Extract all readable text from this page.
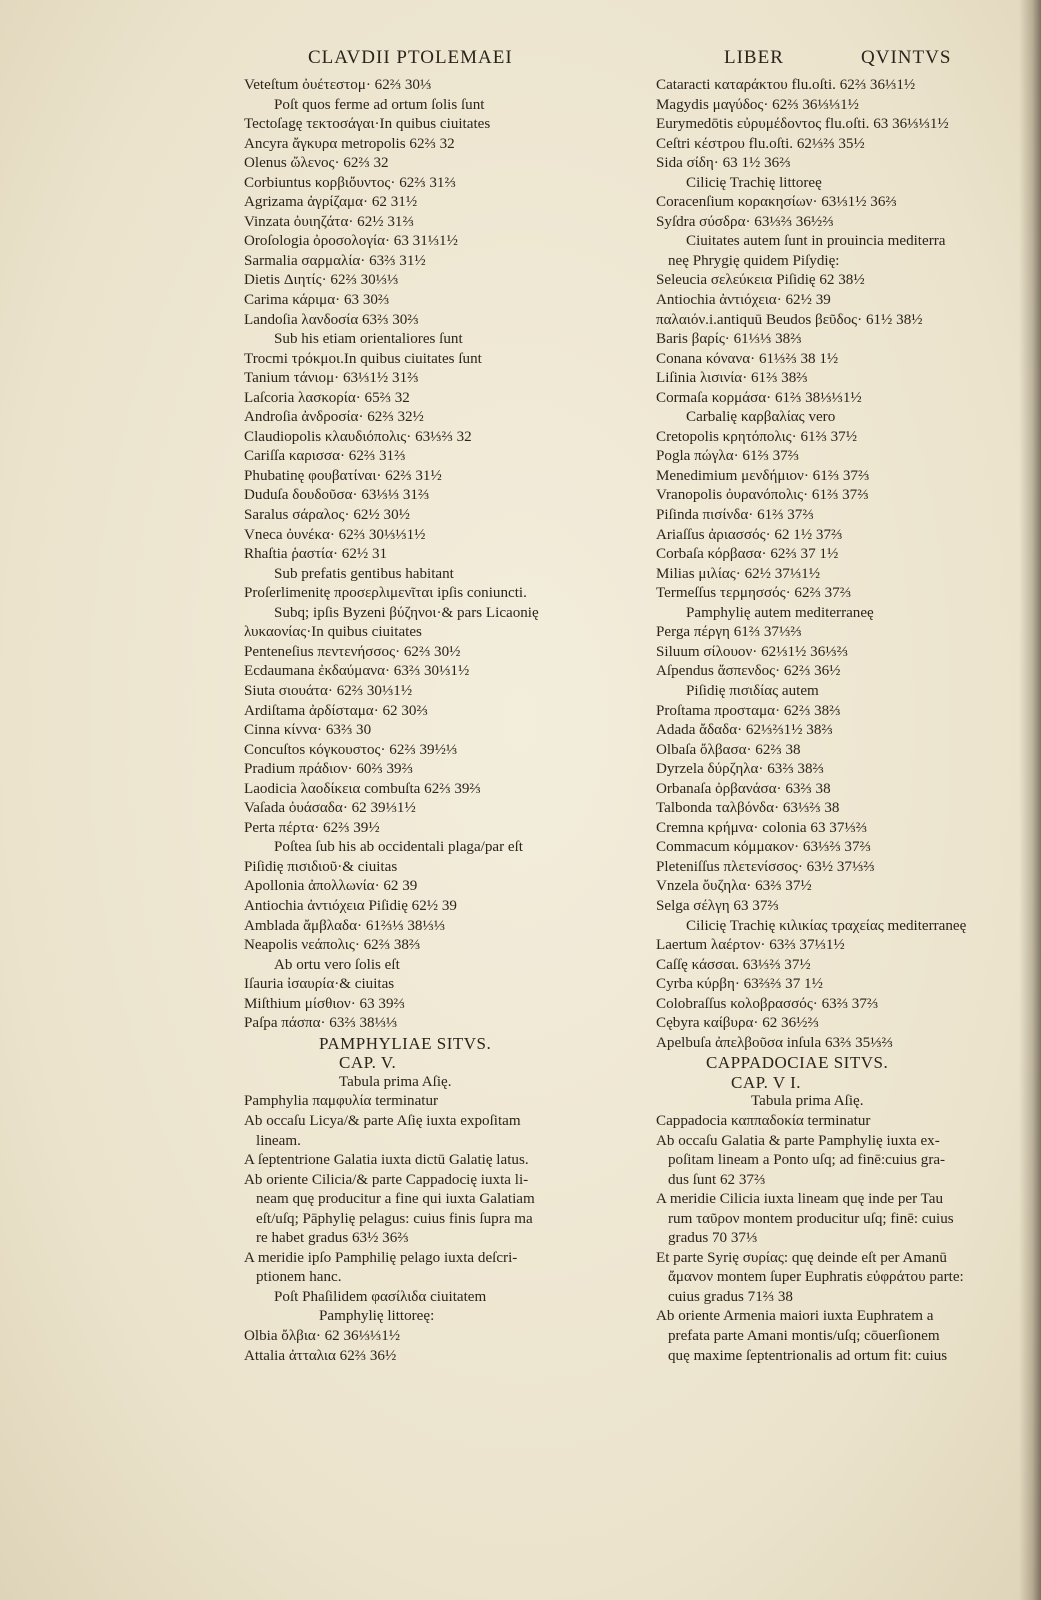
CLAVDII PTOLEMAEI	LIBER	QVINTVS
Veteſtum ὀυέτεστομ· 62⅔ 30⅓
Poſt quos ferme ad ortum ſolis ſunt
Tectoſagę τεκτοσάγαι·In quibus ciuitates
Ancyra ἄγκυρα metropolis 62⅔ 32
Olenus ὤλενος· 62⅔ 32
Corbiuntus κορβιὄυντος· 62⅔ 31⅔
Agrizama ἀγρίζαμα· 62 31½
Vinzata ὀυιηζάτα· 62½ 31⅔
Oroſologia ὀροσολογία· 63 31⅓1½
Sarmalia σαρμαλία· 63⅔ 31½
Dietis Διητίς· 62⅔ 30⅓⅓
Carima κάριμα· 63 30⅔
Landoſia λανδοσία 63⅔ 30⅔
Sub his etiam orientaliores ſunt
Trocmi τρόκμοι.In quibus ciuitates ſunt
Tanium τάνιομ· 63⅓1½ 31⅔
Laſcoria λασκορία· 65⅔ 32
Androſia ἀνδροσία· 62⅔ 32½
Claudiopolis κλαυδιόπολις· 63⅓⅔ 32
Cariſſa καρισσα· 62⅔ 31⅔
Phubatinę φουβατίναι· 62⅔ 31½
Duduſa δουδοῦσα· 63⅓⅓ 31⅔
Saralus σάραλος· 62½ 30½
Vneca ὀυνέκα· 62⅔ 30⅓⅓1½
Rhaſtia ῥαστία· 62½ 31
Sub prefatis gentibus habitant
Proſerlimenitę προσερλιμενῖται ipſis coniuncti.
Subq; ipſis Byzeni βύζηνοι·& pars Licaonię
λυκαονίας·In quibus ciuitates
Penteneſius πεντενήσσος· 62⅔ 30½
Ecdaumana ἐκδαύμανα· 63⅔ 30⅓1½
Siuta σιουάτα· 62⅔ 30⅓1½
Ardiſtama ἀρδίσταμα· 62 30⅔
Cinna κίννα· 63⅔ 30
Concuſtos κόγκουστος· 62⅔ 39½⅓
Pradium πράδιον· 60⅔ 39⅔
Laodicia λαοδίκεια combuſta 62⅔ 39⅔
Vaſada ὀυάσαδα· 62 39⅓1½
Perta πέρτα· 62⅔ 39½
Poſtea ſub his ab occidentali plaga/par eſt
Piſidię πισιδιοῦ·& ciuitas
Apollonia ἀπολλωνία· 62 39
Antiochia ἀντιόχεια Piſidię 62½ 39
Amblada ἄμβλαδα· 61⅔⅓ 38⅓⅓
Neapolis νεάπολις· 62⅔ 38⅔
Ab ortu vero ſolis eſt
Iſauria ἰσαυρία·& ciuitas
Miſthium μίσθιον· 63 39⅔
Paſpa πάσπα· 63⅔ 38⅓⅓
PAMPHYLIAE SITVS.
CAP. V.
Tabula prima Aſię.
Pamphylia παμφυλία terminatur
Ab occaſu Licya/& parte Aſię iuxta expoſitam
lineam.
A ſeptentrione Galatia iuxta dictū Galatię latus.
Ab oriente Cilicia/& parte Cappadocię iuxta li-
neam quę producitur a fine qui iuxta Galatiam
eſt/uſq; Pāphylię pelagus: cuius finis ſupra ma
re habet gradus 63½ 36⅔
A meridie ipſo Pamphilię pelago iuxta deſcri-
ptionem hanc.
Poſt Phaſilidem φασίλιδα ciuitatem
Pamphylię littoreę:
Olbia ὄλβια· 62 36⅓⅓1½
Attalia ἀτταλια 62⅔ 36½
Cataracti καταράκτου flu.oſti. 62⅔ 36⅓1½
Magydis μαγύδος· 62⅔ 36⅓⅓1½
Eurymedōtis εὐρυμέδοντος flu.oſti. 63 36⅓⅓1½
Ceſtri κέστρου flu.oſti. 62⅓⅔ 35½
Sida σίδη· 63 1½ 36⅔
Cilicię Trachię littoreę
Coracenſium κορακησίων· 63⅓1½ 36⅔
Syſdra σύσδρα· 63⅓⅔ 36½⅔
Ciuitates autem ſunt in prouincia mediterra
neę Phrygię quidem Piſydię:
Seleucia σελεύκεια Piſidię 62 38½
Antiochia ἀντιόχεια· 62½ 39
παλαιόν.i.antiquū Beudos βεῦδος· 61½ 38½
Baris βαρίς· 61⅓⅓ 38⅔
Conana κόνανα· 61⅓⅔ 38 1½
Liſinia λισινία· 61⅔ 38⅔
Cormaſa κορμάσα· 61⅔ 38⅓⅓1½
Carbalię καρβαλίας vero
Cretopolis κρητόπολις· 61⅔ 37½
Pogla πώγλα· 61⅔ 37⅔
Menedimium μενδήμιον· 61⅔ 37⅔
Vranopolis ὀυρανόπολις· 61⅔ 37⅔
Piſinda πισίνδα· 61⅔ 37⅔
Ariaſſus ἀριασσός· 62 1½ 37⅔
Corbaſa κόρβασα· 62⅔ 37 1½
Milias μιλίας· 62½ 37⅓1½
Termeſſus τερμησσός· 62⅔ 37⅔
Pamphylię autem mediterraneę
Perga πέργη 61⅔ 37⅓⅔
Siluum σίλουον· 62⅓1½ 36⅓⅔
Aſpendus ἄσπενδος· 62⅔ 36½
Piſidię πισιδίας autem
Proſtama προσταμα· 62⅔ 38⅔
Adada ἄδαδα· 62⅓⅔1½ 38⅔
Olbaſa ὄλβασα· 62⅔ 38
Dyrzela δύρζηλα· 63⅔ 38⅔
Orbanaſa ὀρβανάσα· 63⅔ 38
Talbonda ταλβόνδα· 63⅓⅔ 38
Cremna κρήμνα· colonia 63 37⅓⅔
Commacum κόμμακον· 63⅓⅔ 37⅔
Pleteniſſus πλετενίσσος· 63½ 37⅓⅔
Vnzela ὄυζηλα· 63⅔ 37½
Selga σέλγη 63 37⅔
Cilicię Trachię κιλικίας τραχείας mediterraneę
Laertum λαέρτον· 63⅔ 37⅓1½
Caſſę κάσσαι. 63⅓⅔ 37½
Cyrba κύρβη· 63⅔⅔ 37 1½
Colobraſſus κολοβρασσός· 63⅔ 37⅔
Cębyra καίβυρα· 62 36½⅔
Apelbuſa ἀπελβοῦσα inſula 63⅔ 35⅓⅔
CAPPADOCIAE SITVS.
CAP. V I.
Tabula prima Aſię.
Cappadocia καππαδοκία terminatur
Ab occaſu Galatia & parte Pamphylię iuxta ex-
poſitam lineam a Ponto uſq; ad finē:cuius gra-
dus ſunt 62 37⅔
A meridie Cilicia iuxta lineam quę inde per Tau
rum ταῦρον montem producitur uſq; finē: cuius
gradus 70 37⅓
Et parte Syrię συρίας: quę deinde eſt per Amanū
ἄμανον montem ſuper Euphratis εὐφράτου parte:
cuius gradus 71⅔ 38
Ab oriente Armenia maiori iuxta Euphratem a
prefata parte Amani montis/uſq; cōuerſionem
quę maxime ſeptentrionalis ad ortum fit: cuius
